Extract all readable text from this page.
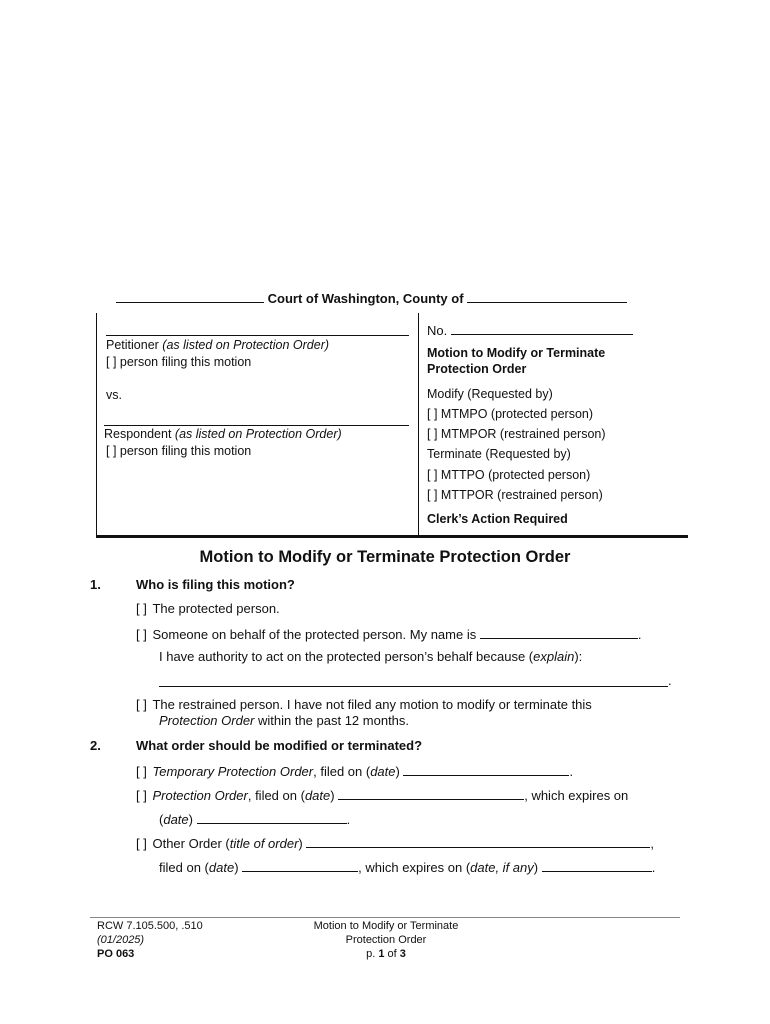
Court of Washington, County of
Petitioner (as listed on Protection Order)
[ ] person filing this motion
vs.
Respondent (as listed on Protection Order)
[ ] person filing this motion
No.
Motion to Modify or Terminate
Protection Order
Modify (Requested by)
[ ] MTMPO (protected person)
[ ] MTMPOR (restrained person)
Terminate (Requested by)
[ ] MTTPO (protected person)
[ ] MTTPOR (restrained person)
Clerk’s Action Required
Motion to Modify or Terminate Protection Order
1.	Who is filing this motion?
[ ] The protected person.
[ ] Someone on behalf of the protected person. My name is	.
I have authority to act on the protected person’s behalf because (explain):
.
[ ] The restrained person. I have not filed any motion to modify or terminate this
Protection Order within the past 12 months.
2.	What order should be modified or terminated?
[ ] Temporary Protection Order, filed on (date)	.
[ ] Protection Order, filed on (date)	, which expires on
(date)	.
[ ] Other Order (title of order)	,
filed on (date)	, which expires on (date, if any)	.
RCW 7.105.500, .510
(01/2025)
PO 063
Motion to Modify or Terminate
Protection Order
p. 1 of 3
